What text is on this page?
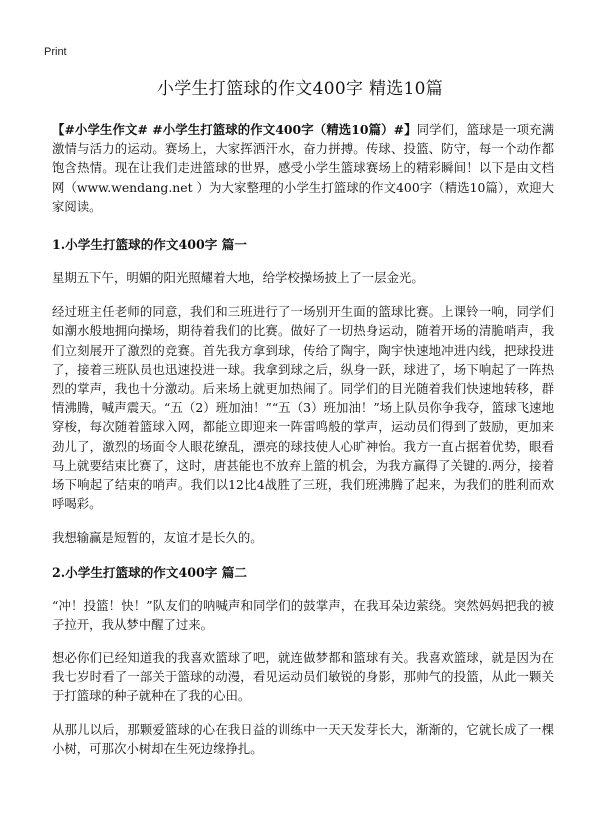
Print
小学生打篮球的作文400字 精选10篇

【#小学生作文# #小学生打篮球的作文400字（精选10篇）#】同学们，篮球是一项充满激情与活力的运动。赛场上，大家挥洒汗水，奋力拼搏。传球、投篮、防守，每一个动作都饱含热情。现在让我们走进篮球的世界，感受小学生篮球赛场上的精彩瞬间！以下是由文档网（www.wendang.net ）为大家整理的小学生打篮球的作文400字（精选10篇），欢迎大家阅读。

1.小学生打篮球的作文400字 篇一

星期五下午，明媚的阳光照耀着大地，给学校操场披上了一层金光。

经过班主任老师的同意，我们和三班进行了一场别开生面的篮球比赛。上课铃一响，同学们如潮水般地拥向操场，期待着我们的比赛。做好了一切热身运动，随着开场的清脆哨声，我们立刻展开了激烈的竞赛。首先我方拿到球，传给了陶宇，陶宇快速地冲进内线，把球投进了，接着三班队员也迅速投进一球。我拿到球之后，纵身一跃，球进了，场下响起了一阵热烈的掌声，我也十分激动。后来场上就更加热闹了。同学们的目光随着我们快速地转移，群情沸腾，喊声震天。“五（2）班加油！”“五（3）班加油！”场上队员你争我夺，篮球飞速地穿梭，每次随着篮球入网，都能立即迎来一阵雷鸣般的掌声，运动员们得到了鼓励，更加来劲儿了，激烈的场面令人眼花缭乱，漂亮的球技使人心旷神怡。我方一直占据着优势，眼看马上就要结束比赛了，这时，唐甚能也不放弃上篮的机会，为我方赢得了关键的.两分，接着场下响起了结束的哨声。我们以12比4战胜了三班，我们班沸腾了起来，为我们的胜利而欢呼喝彩。

我想输赢是短暂的，友谊才是长久的。

2.小学生打篮球的作文400字 篇二

“冲！投篮！快！”队友们的呐喊声和同学们的鼓掌声，在我耳朵边萦绕。突然妈妈把我的被子拉开，我从梦中醒了过来。

想必你们已经知道我的我喜欢篮球了吧，就连做梦都和篮球有关。我喜欢篮球，就是因为在我七岁时看了一部关于篮球的动漫，看见运动员们敏锐的身影，那帅气的投篮，从此一颗关于打篮球的种子就种在了我的心田。

从那儿以后，那颗爱篮球的心在我日益的训练中一天天发芽长大，渐渐的，它就长成了一棵小树，可那次小树却在生死边缘挣扎。
